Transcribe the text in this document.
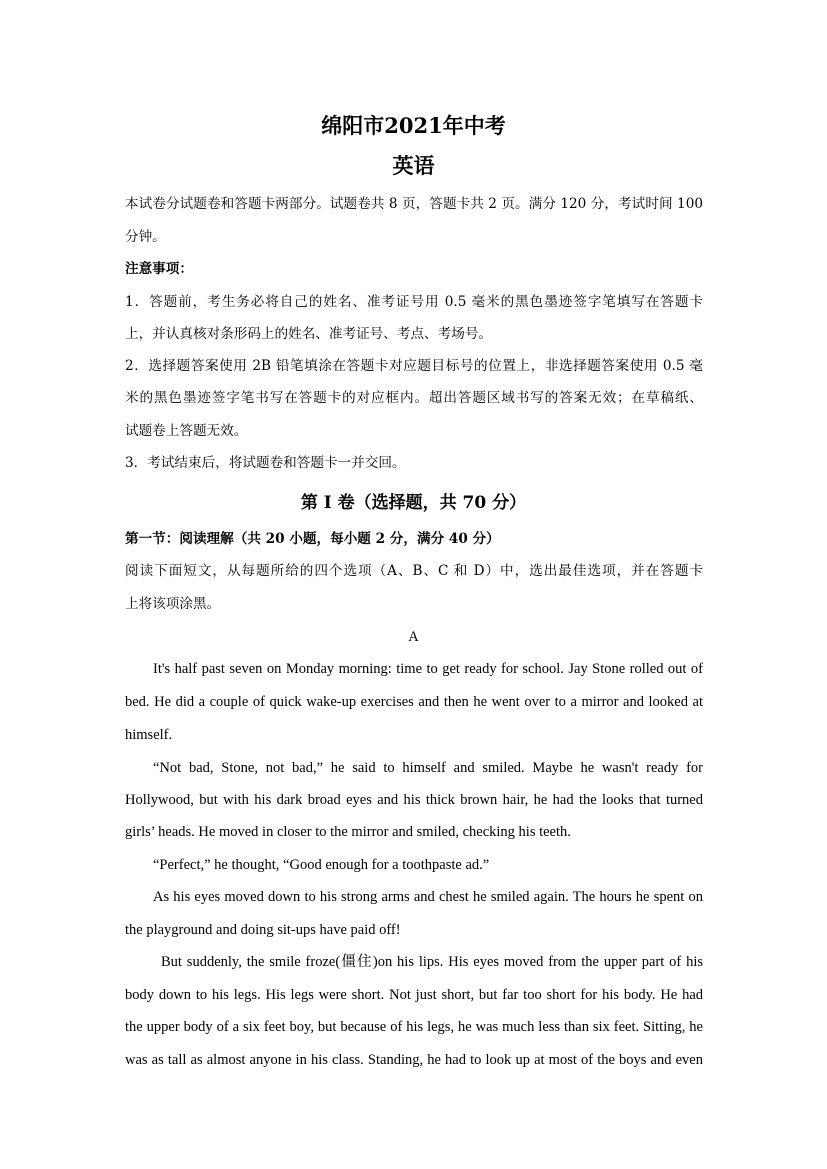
绵阳市2021年中考
英语
本试卷分试题卷和答题卡两部分。试题卷共 8 页，答题卡共 2 页。满分 120 分，考试时间 100
分钟。
注意事项：
1．答题前，考生务必将自己的姓名、准考证号用 0.5 毫米的黑色墨迹签字笔填写在答题卡
上，并认真核对条形码上的姓名、准考证号、考点、考场号。
2．选择题答案使用 2B 铅笔填涂在答题卡对应题目标号的位置上，非选择题答案使用 0.5 毫
米的黑色墨迹签字笔书写在答题卡的对应框内。超出答题区域书写的答案无效；在草稿纸、
试题卷上答题无效。
3．考试结束后，将试题卷和答题卡一并交回。
第 I 卷（选择题，共 70 分）
第一节：阅读理解（共 20 小题，每小题 2 分，满分 40 分）
阅读下面短文，从每题所给的四个选项（A、B、C 和 D）中，选出最佳选项，并在答题卡
上将该项涂黑。
A
It's half past seven on Monday morning: time to get ready for school. Jay Stone rolled out of
bed. He did a couple of quick wake-up exercises and then he went over to a mirror and looked at
himself.
“Not bad, Stone, not bad,” he said to himself and smiled. Maybe he wasn't ready for
Hollywood, but with his dark broad eyes and his thick brown hair, he had the looks that turned
girls’ heads. He moved in closer to the mirror and smiled, checking his teeth.
“Perfect,” he thought, “Good enough for a toothpaste ad.”
As his eyes moved down to his strong arms and chest he smiled again. The hours he spent on
the playground and doing sit-ups have paid off!
But suddenly, the smile froze(僵住)on his lips. His eyes moved from the upper part of his
body down to his legs. His legs were short. Not just short, but far too short for his body. He had
the upper body of a six feet boy, but because of his legs, he was much less than six feet. Sitting, he
was as tall as almost anyone in his class. Standing, he had to look up at most of the boys and even
